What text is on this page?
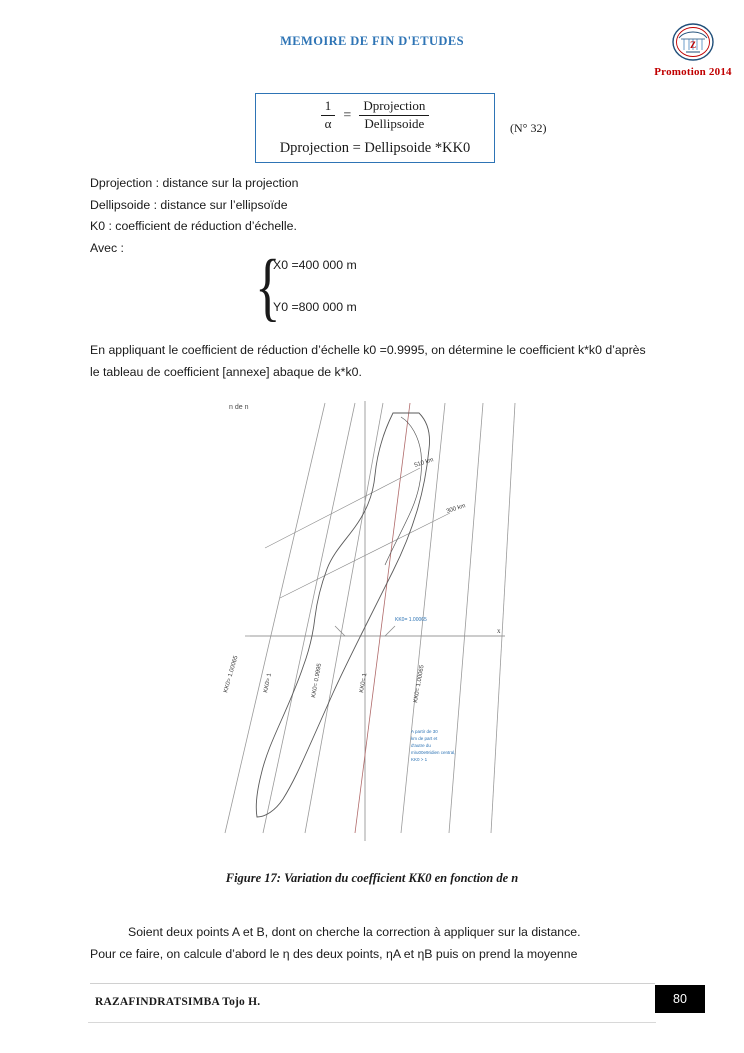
MEMOIRE DE FIN D'ETUDES	Z
Promotion 2014
$\frac{1}{\alpha} = \frac{\text{Dprojection}}{\text{Dellipsoide}}$
Dprojection = Dellipsoide *KK0
(N° 32)
Dprojection : distance sur la projection
Dellipsoide : distance sur l’ellipsoïde
K0 : coefficient de réduction d’échelle.
Avec :	{
X0 =400 000 m
Y0 =800 000 m
En appliquant le coefficient de réduction d’échelle k0 =0.9995, on détermine le coefficient k*k0 d’après le tableau de coefficient [annexe] abaque de k*k0.
n de n
510 km
300 km
KK0= 1.00065
KK0= 1.00065	KK0= 1	KK0= 0.9995	KK0= 1	KK0= 1.00065
A partir de 30
km de part et
d'autre du
m\u00e9ridien central,
KK0 > 1
x
Figure 17: Variation du coefficient KK0 en fonction de n
Soient deux points A et B, dont on cherche la correction à appliquer sur la distance.
Pour ce faire, on calcule d’abord le η des deux points, ηA et ηB puis on prend la moyenne
RAZAFINDRATSIMBA Tojo H.	80
